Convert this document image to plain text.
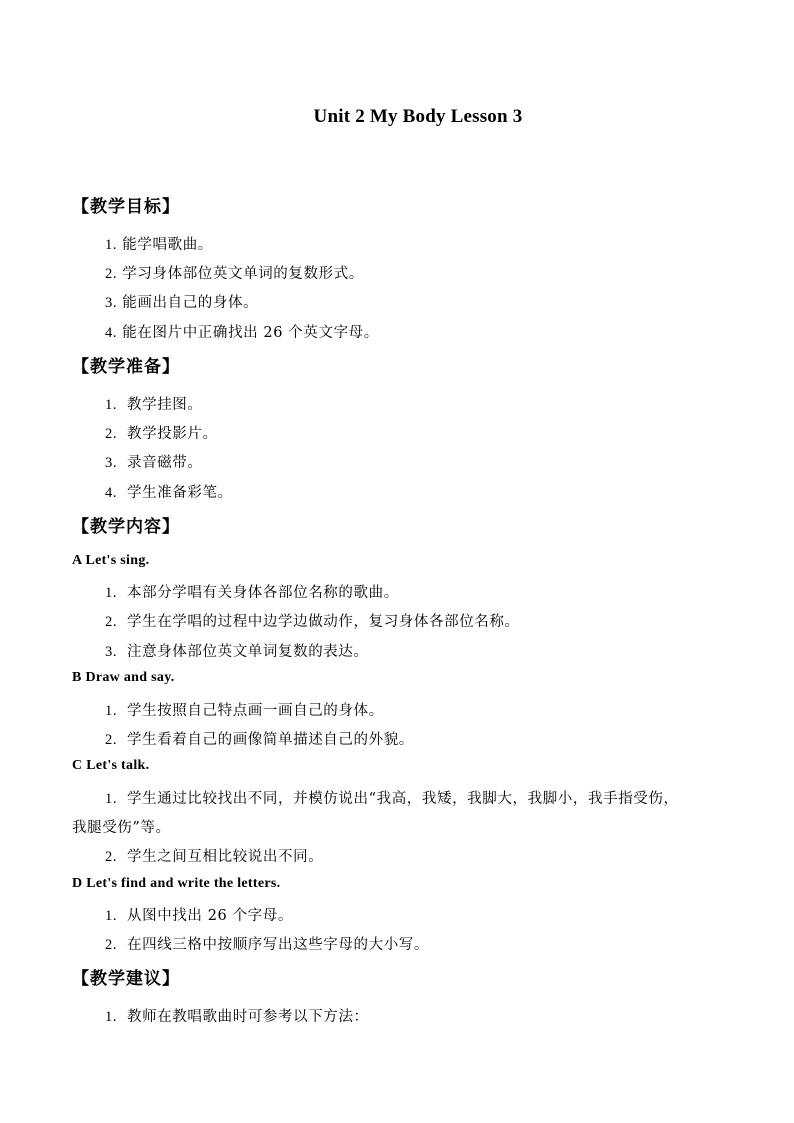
Unit 2 My Body Lesson 3
【教学目标】
1. 能学唱歌曲。
2. 学习身体部位英文单词的复数形式。
3. 能画出自己的身体。
4. 能在图片中正确找出 26 个英文字母。
【教学准备】
1. 教学挂图。
2. 教学投影片。
3. 录音磁带。
4. 学生准备彩笔。
【教学内容】
A Let's sing.
1. 本部分学唱有关身体各部位名称的歌曲。
2. 学生在学唱的过程中边学边做动作，复习身体各部位名称。
3. 注意身体部位英文单词复数的表达。
B Draw and say.
1. 学生按照自己特点画一画自己的身体。
2. 学生看着自己的画像简单描述自己的外貌。
C Let's talk.
1. 学生通过比较找出不同，并模仿说出“我高，我矮，我脚大，我脚小，我手指受伤，
我腿受伤”等。
2. 学生之间互相比较说出不同。
D Let's find and write the letters.
1. 从图中找出 26 个字母。
2. 在四线三格中按顺序写出这些字母的大小写。
【教学建议】
1. 教师在教唱歌曲时可参考以下方法：
